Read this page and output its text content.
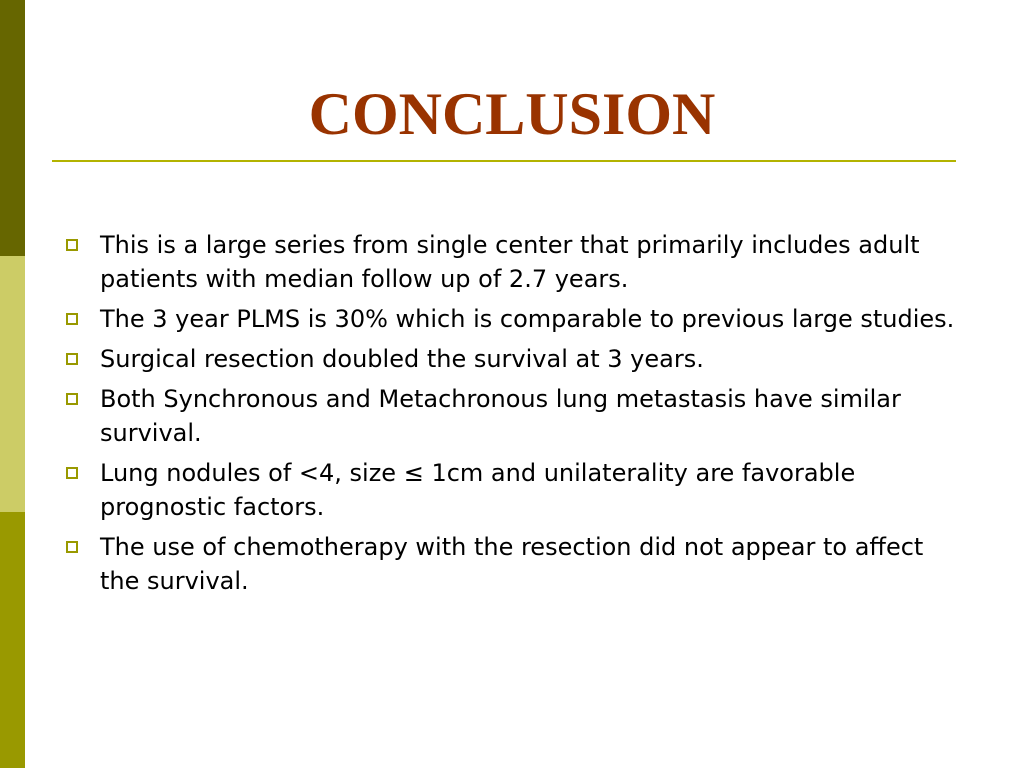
CONCLUSION
This is a large series from single center that primarily includes adult patients with median follow up of 2.7 years.
The 3 year PLMS is 30% which is comparable to previous large studies.
Surgical resection doubled the survival at 3 years.
Both Synchronous and Metachronous lung metastasis have similar survival.
Lung nodules of <4, size ≤ 1cm and unilaterality are favorable prognostic factors.
The use of chemotherapy with the resection did not appear to affect the survival.
